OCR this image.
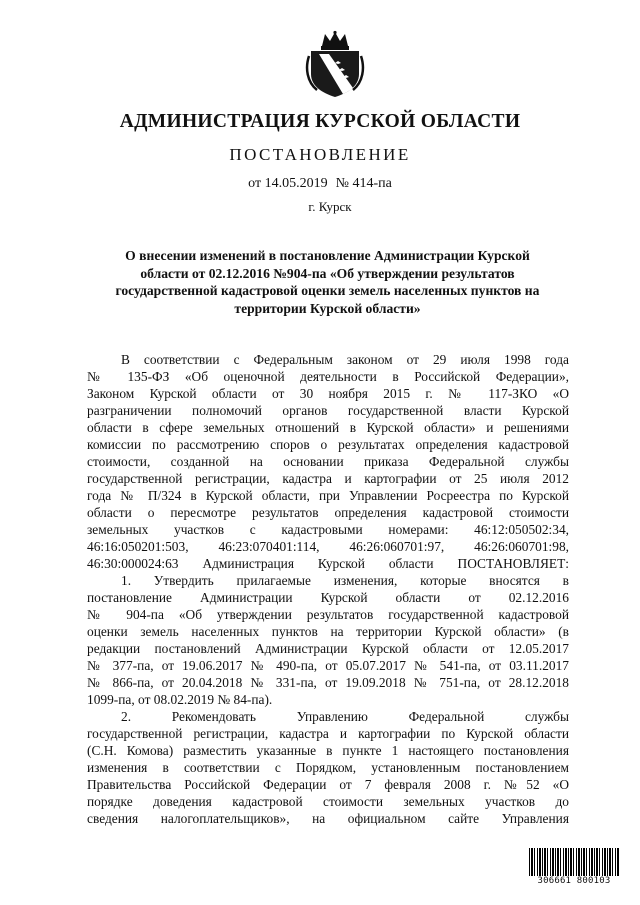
АДМИНИСТРАЦИЯ КУРСКОЙ ОБЛАСТИ
ПОСТАНОВЛЕНИЕ
от 14.05.2019 № 414-па
г. Курск
О внесении изменений в постановление Администрации Курской
области от 02.12.2016 №904-па «Об утверждении результатов
государственной кадастровой оценки земель населенных пунктов на
территории Курской области»
В соответствии с Федеральным законом от 29 июля 1998 года
№ 135-ФЗ «Об оценочной деятельности в Российской Федерации»,
Законом Курской области от 30 ноября 2015 г. № 117-ЗКО «О
разграничении полномочий органов государственной власти Курской
области в сфере земельных отношений в Курской области» и решениями
комиссии по рассмотрению споров о результатах определения кадастровой
стоимости, созданной на основании приказа Федеральной службы
государственной регистрации, кадастра и картографии от 25 июля 2012
года № П/324 в Курской области, при Управлении Росреестра по Курской
области о пересмотре результатов определения кадастровой стоимости
земельных участков с кадастровыми номерами: 46:12:050502:34,
46:16:050201:503, 46:23:070401:114, 46:26:060701:97, 46:26:060701:98,
46:30:000024:63 Администрация Курской области ПОСТАНОВЛЯЕТ:
1. Утвердить прилагаемые изменения, которые вносятся в
постановление Администрации Курской области от 02.12.2016
№ 904-па «Об утверждении результатов государственной кадастровой
оценки земель населенных пунктов на территории Курской области» (в
редакции постановлений Администрации Курской области от 12.05.2017
№ 377-па, от 19.06.2017 № 490-па, от 05.07.2017 № 541-па, от 03.11.2017
№ 866-па, от 20.04.2018 № 331-па, от 19.09.2018 № 751-па, от 28.12.2018
1099-па, от 08.02.2019 № 84-па).
2. Рекомендовать Управлению Федеральной службы
государственной регистрации, кадастра и картографии по Курской области
(С.Н. Комова) разместить указанные в пункте 1 настоящего постановления
изменения в соответствии с Порядком, установленным постановлением
Правительства Российской Федерации от 7 февраля 2008 г. №52 «О
порядке доведения кадастровой стоимости земельных участков до
сведения налогоплательщиков», на официальном сайте Управления
306661 800103
